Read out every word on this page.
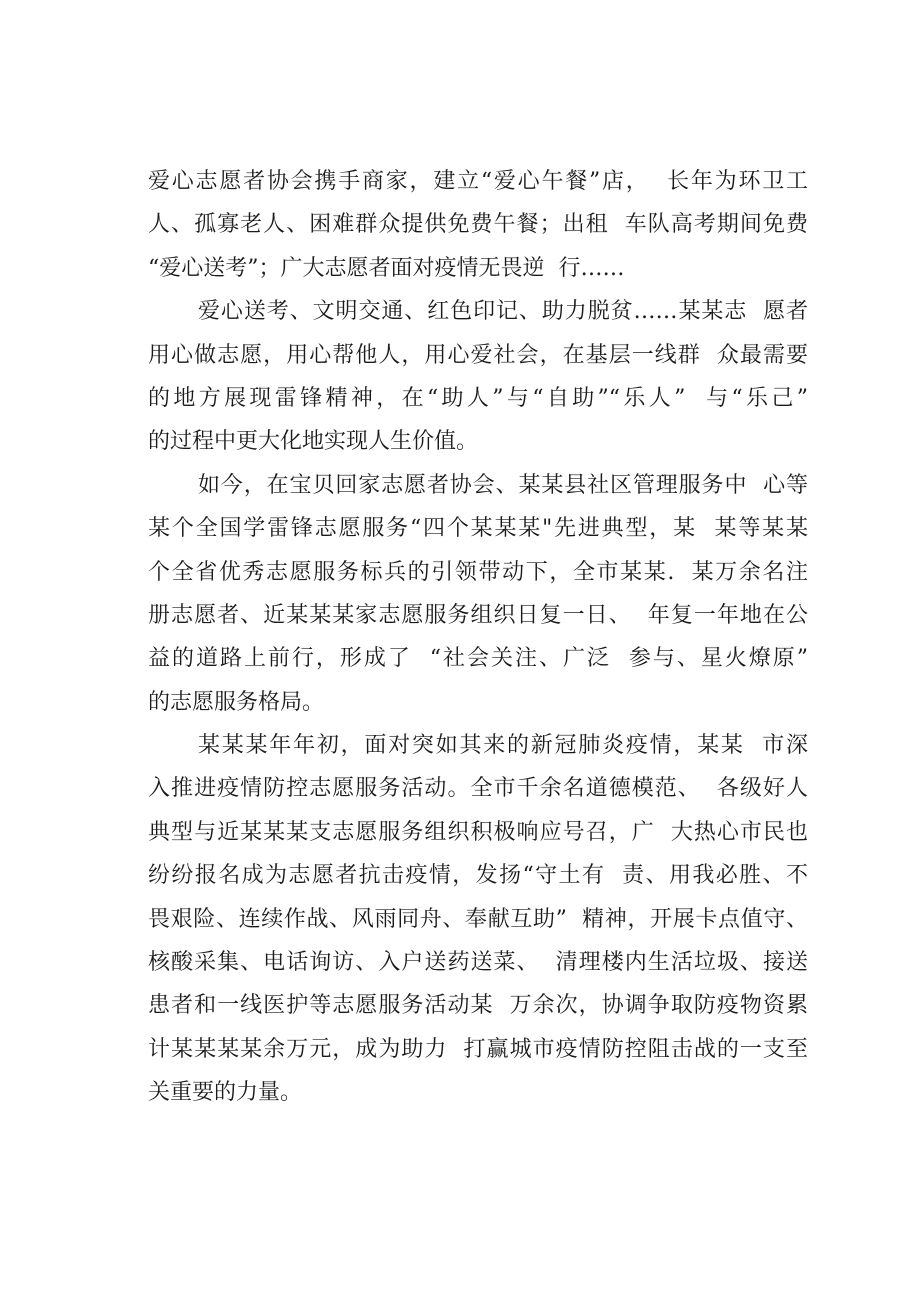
爱心志愿者协会携手商家，建立“爱心午餐”店，  长年为环卫工
人、孤寡老人、困难群众提供免费午餐；出租  车队高考期间免费
“爱心送考”；广大志愿者面对疫情无畏逆  行……
爱心送考、文明交通、红色印记、助力脱贫……某某志  愿者
用心做志愿，用心帮他人，用心爱社会，在基层一线群  众最需要
的地方展现雷锋精神，在“助人”与“自助”“乐人”  与“乐己”
的过程中更大化地实现人生价值。
如今，在宝贝回家志愿者协会、某某县社区管理服务中  心等
某个全国学雷锋志愿服务“四个某某某"先进典型，某  某等某某
个全省优秀志愿服务标兵的引领带动下，全市某某.  某万余名注
册志愿者、近某某某家志愿服务组织日复一日、  年复一年地在公
益的道路上前行，形成了  “社会关注、广泛  参与、星火燎原”
的志愿服务格局。
某某某年年初，面对突如其来的新冠肺炎疫情，某某  市深
入推进疫情防控志愿服务活动。全市千余名道德模范、  各级好人
典型与近某某某支志愿服务组织积极响应号召，广  大热心市民也
纷纷报名成为志愿者抗击疫情，发扬“守土有  责、用我必胜、不
畏艰险、连续作战、风雨同舟、奉献互助”  精神，开展卡点值守、
核酸采集、电话询访、入户送药送菜、  清理楼内生活垃圾、接送
患者和一线医护等志愿服务活动某  万余次，协调争取防疫物资累
计某某某某余万元，成为助力  打赢城市疫情防控阻击战的一支至
关重要的力量。
